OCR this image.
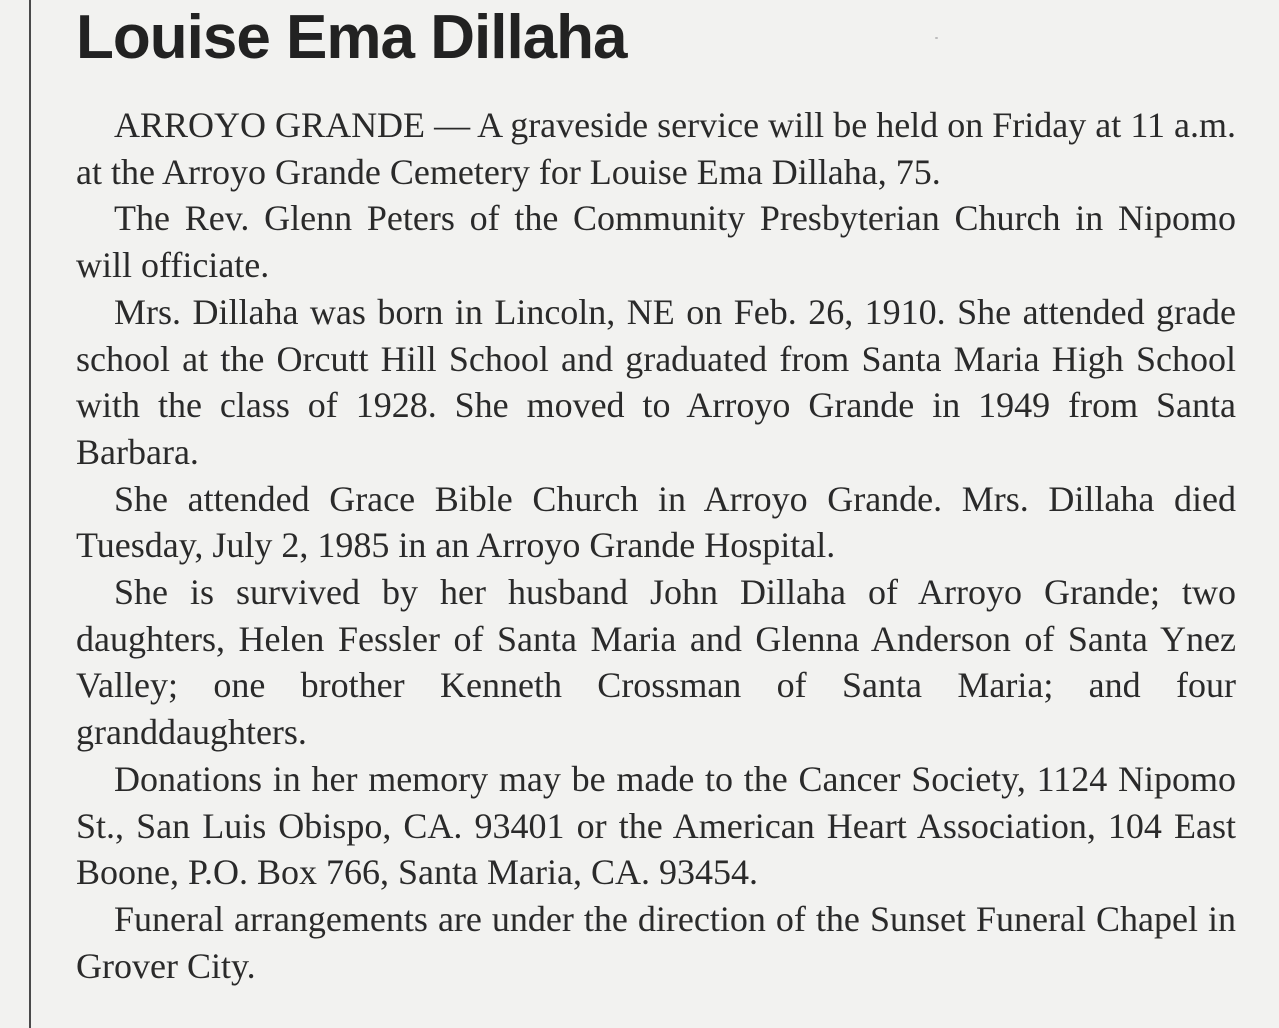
Louise Ema Dillaha

ARROYO GRANDE — A graveside service will be held on Friday at 11 a.m. at the Arroyo Grande Cemetery for Louise Ema Dillaha, 75.

The Rev. Glenn Peters of the Community Presbyterian Church in Nipomo will officiate.

Mrs. Dillaha was born in Lincoln, NE on Feb. 26, 1910. She attended grade school at the Orcutt Hill School and graduated from Santa Maria High School with the class of 1928. She moved to Arroyo Grande in 1949 from Santa Barbara.

She attended Grace Bible Church in Arroyo Grande. Mrs. Dillaha died Tuesday, July 2, 1985 in an Arroyo Grande Hospital.

She is survived by her husband John Dillaha of Arroyo Grande; two daughters, Helen Fessler of Santa Maria and Glenna Anderson of Santa Ynez Valley; one brother Kenneth Crossman of Santa Maria; and four granddaughters.

Donations in her memory may be made to the Cancer Society, 1124 Nipomo St., San Luis Obispo, CA. 93401 or the American Heart Association, 104 East Boone, P.O. Box 766, Santa Maria, CA. 93454.

Funeral arrangements are under the direction of the Sunset Funeral Chapel in Grover City.
